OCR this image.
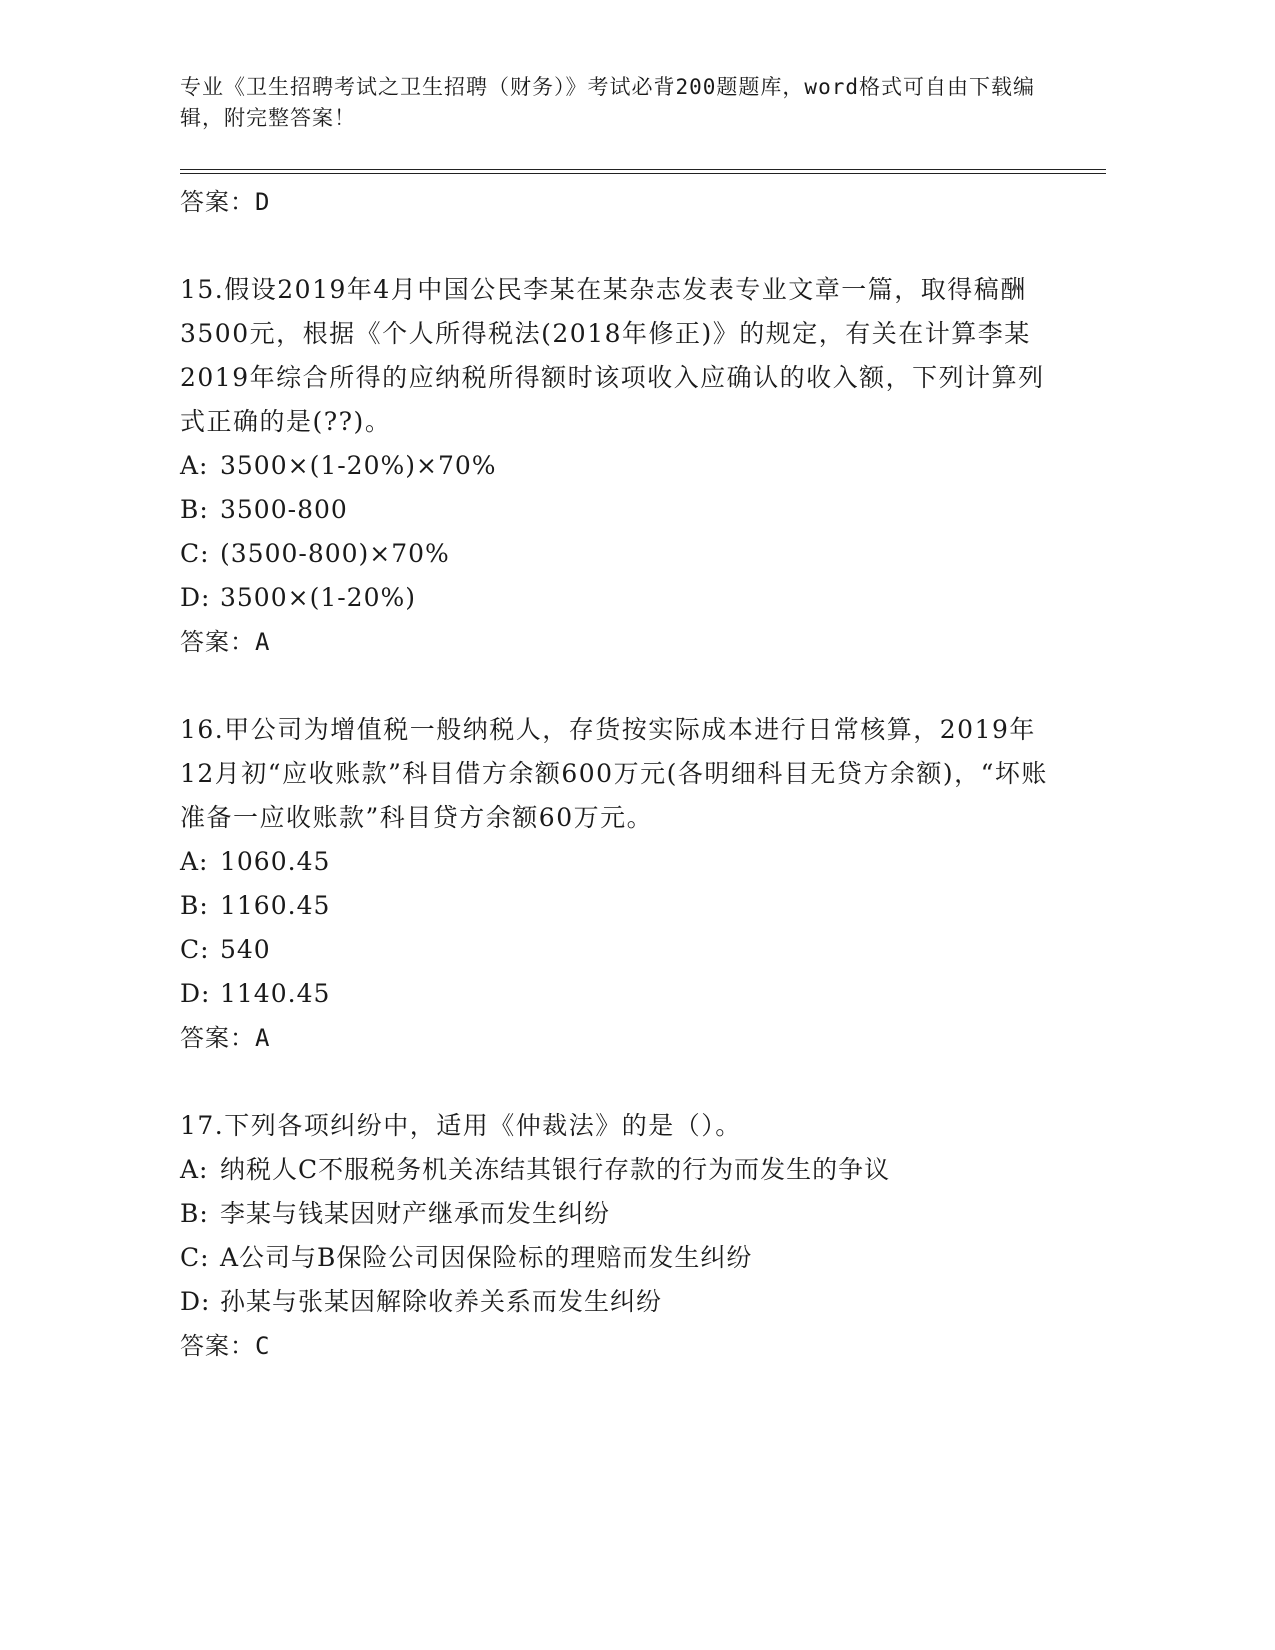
专业《卫生招聘考试之卫生招聘（财务）》考试必背200题题库，word格式可自由下载编辑，附完整答案！
答案：D
15.假设2019年4月中国公民李某在某杂志发表专业文章一篇，取得稿酬3500元，根据《个人所得税法(2018年修正)》的规定，有关在计算李某2019年综合所得的应纳税所得额时该项收入应确认的收入额，下列计算列式正确的是(??)。
A: 3500×(1-20%)×70%
B: 3500-800
C: (3500-800)×70%
D: 3500×(1-20%)
答案：A
16.甲公司为增值税一般纳税人，存货按实际成本进行日常核算，2019年12月初“应收账款”科目借方余额600万元(各明细科目无贷方余额)，“坏账准备一应收账款”科目贷方余额60万元。
A: 1060.45
B: 1160.45
C: 540
D: 1140.45
答案：A
17.下列各项纠纷中，适用《仲裁法》的是（）。
A: 纳税人C不服税务机关冻结其银行存款的行为而发生的争议
B: 李某与钱某因财产继承而发生纠纷
C: A公司与B保险公司因保险标的理赔而发生纠纷
D: 孙某与张某因解除收养关系而发生纠纷
答案：C
